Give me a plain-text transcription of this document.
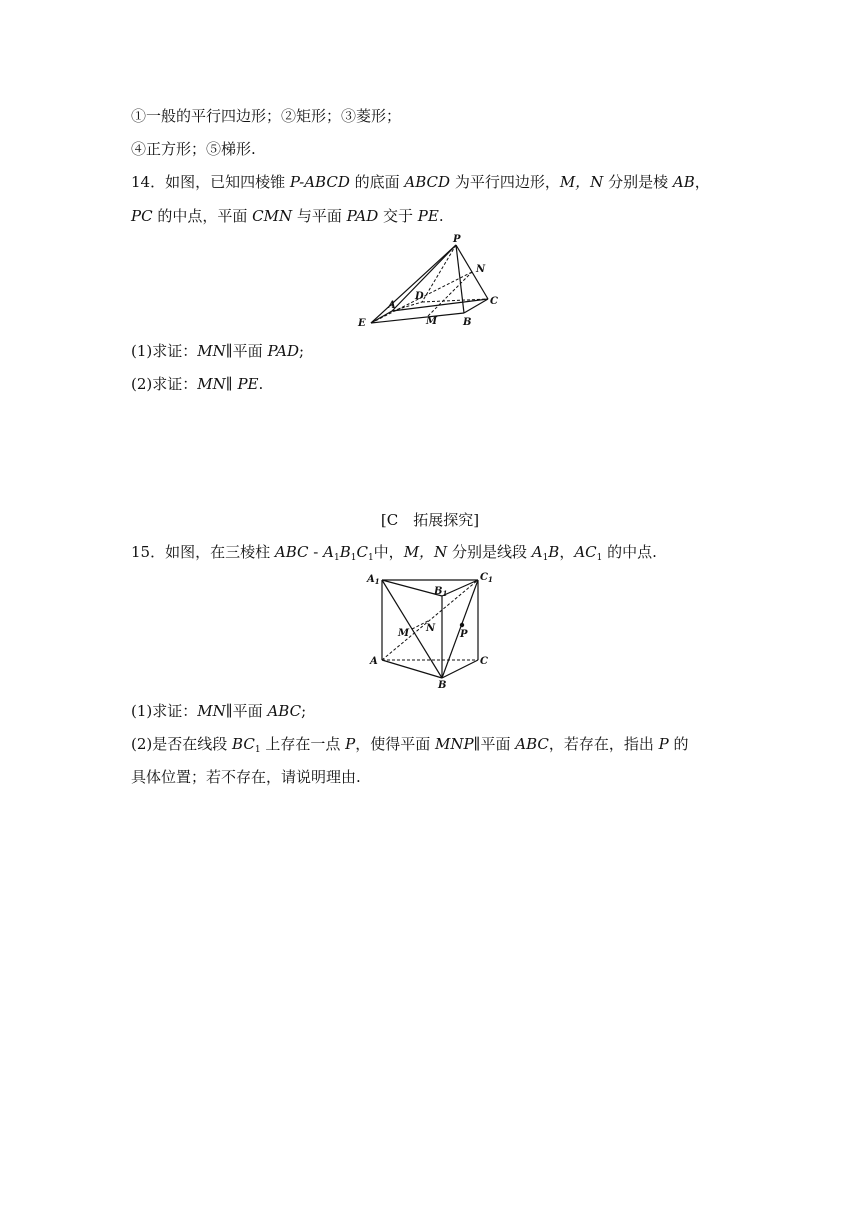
①一般的平行四边形；②矩形；③菱形；
④正方形；⑤梯形.
14．如图，已知四棱锥 P-ABCD 的底面 ABCD 为平行四边形，M，N 分别是棱 AB，
PC 的中点，平面 CMN 与平面 PAD 交于 PE.
P
N
D
A	C
E	M	B
(1)求证：MN∥平面 PAD;
(2)求证：MN∥ PE.
[C　拓展探究]
15．如图，在三棱柱 ABC - $A_1B_1C_1$中，M，N 分别是线段 $A_1B$，$AC_1$ 的中点.
$A_1$	$C_1$
$B_1$
M N
P
A	C
B
(1)求证：MN∥平面 ABC;
(2)是否在线段 $BC_1$ 上存在一点 P，使得平面 MNP∥平面 ABC，若存在，指出 P 的
具体位置；若不存在，请说明理由.
